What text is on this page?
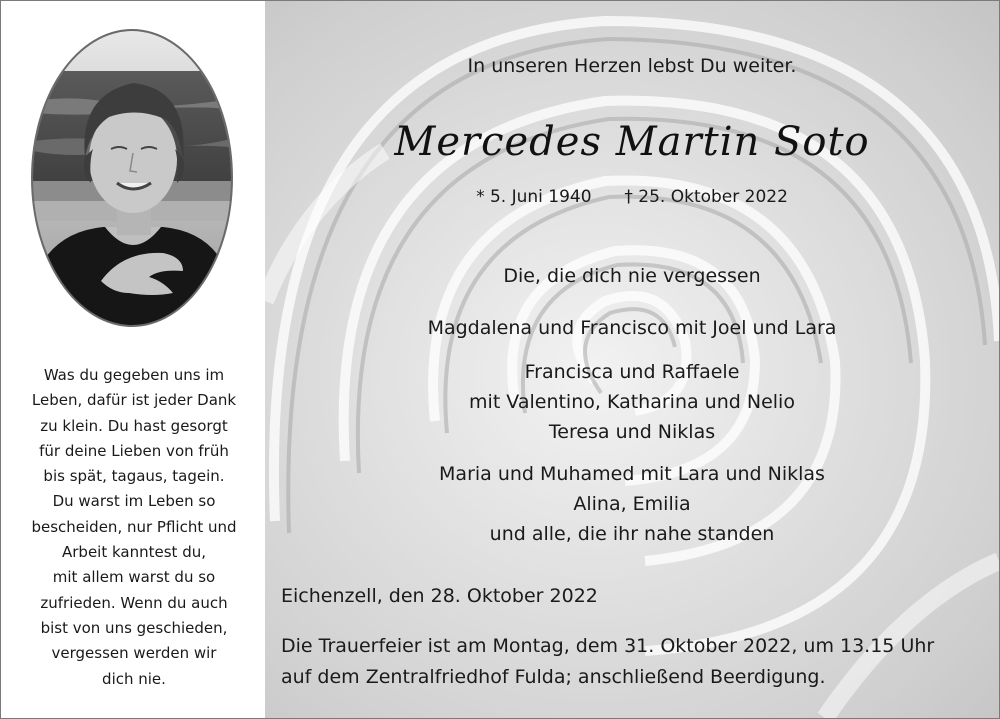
Was du gegeben uns im
Leben, dafür ist jeder Dank
zu klein. Du hast gesorgt
für deine Lieben von früh
bis spät, tagaus, tagein.
Du warst im Leben so
bescheiden, nur Pflicht und
Arbeit kanntest du,
mit allem warst du so
zufrieden. Wenn du auch
bist von uns geschieden,
vergessen werden wir
dich nie.
In unseren Herzen lebst Du weiter.
Mercedes Martin Soto
* 5. Juni 1940 † 25. Oktober 2022
Die, die dich nie vergessen
Magdalena und Francisco mit Joel und Lara
Francisca und Raffaele
mit Valentino, Katharina und Nelio
Teresa und Niklas
Maria und Muhamed mit Lara und Niklas
Alina, Emilia
und alle, die ihr nahe standen
Eichenzell, den 28. Oktober 2022
Die Trauerfeier ist am Montag, dem 31. Oktober 2022, um 13.15 Uhr
auf dem Zentralfriedhof Fulda; anschließend Beerdigung.
